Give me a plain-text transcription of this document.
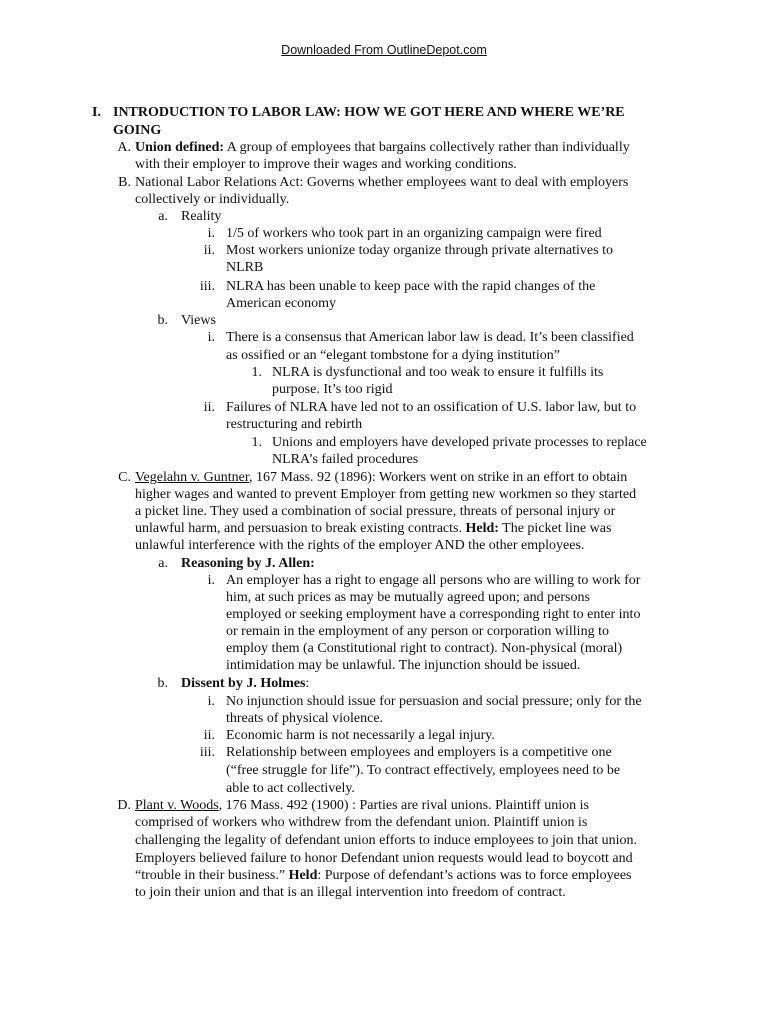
Downloaded From OutlineDepot.com
I. INTRODUCTION TO LABOR LAW: HOW WE GOT HERE AND WHERE WE’RE
GOING
A. Union defined: A group of employees that bargains collectively rather than individually
with their employer to improve their wages and working conditions.
B. National Labor Relations Act: Governs whether employees want to deal with employers
collectively or individually.
a. Reality
i. 1/5 of workers who took part in an organizing campaign were fired
ii. Most workers unionize today organize through private alternatives to
NLRB
iii. NLRA has been unable to keep pace with the rapid changes of the
American economy
b. Views
i. There is a consensus that American labor law is dead. It’s been classified
as ossified or an “elegant tombstone for a dying institution”
1. NLRA is dysfunctional and too weak to ensure it fulfills its
purpose. It’s too rigid
ii. Failures of NLRA have led not to an ossification of U.S. labor law, but to
restructuring and rebirth
1. Unions and employers have developed private processes to replace
NLRA’s failed procedures
C. Vegelahn v. Guntner, 167 Mass. 92 (1896): Workers went on strike in an effort to obtain
higher wages and wanted to prevent Employer from getting new workmen so they started
a picket line. They used a combination of social pressure, threats of personal injury or
unlawful harm, and persuasion to break existing contracts. Held: The picket line was
unlawful interference with the rights of the employer AND the other employees.
a. Reasoning by J. Allen:
i. An employer has a right to engage all persons who are willing to work for
him, at such prices as may be mutually agreed upon; and persons
employed or seeking employment have a corresponding right to enter into
or remain in the employment of any person or corporation willing to
employ them (a Constitutional right to contract). Non-physical (moral)
intimidation may be unlawful. The injunction should be issued.
b. Dissent by J. Holmes:
i. No injunction should issue for persuasion and social pressure; only for the
threats of physical violence.
ii. Economic harm is not necessarily a legal injury.
iii. Relationship between employees and employers is a competitive one
(“free struggle for life”). To contract effectively, employees need to be
able to act collectively.
D. Plant v. Woods, 176 Mass. 492 (1900) : Parties are rival unions. Plaintiff union is
comprised of workers who withdrew from the defendant union. Plaintiff union is
challenging the legality of defendant union efforts to induce employees to join that union.
Employers believed failure to honor Defendant union requests would lead to boycott and
“trouble in their business.” Held: Purpose of defendant’s actions was to force employees
to join their union and that is an illegal intervention into freedom of contract.
